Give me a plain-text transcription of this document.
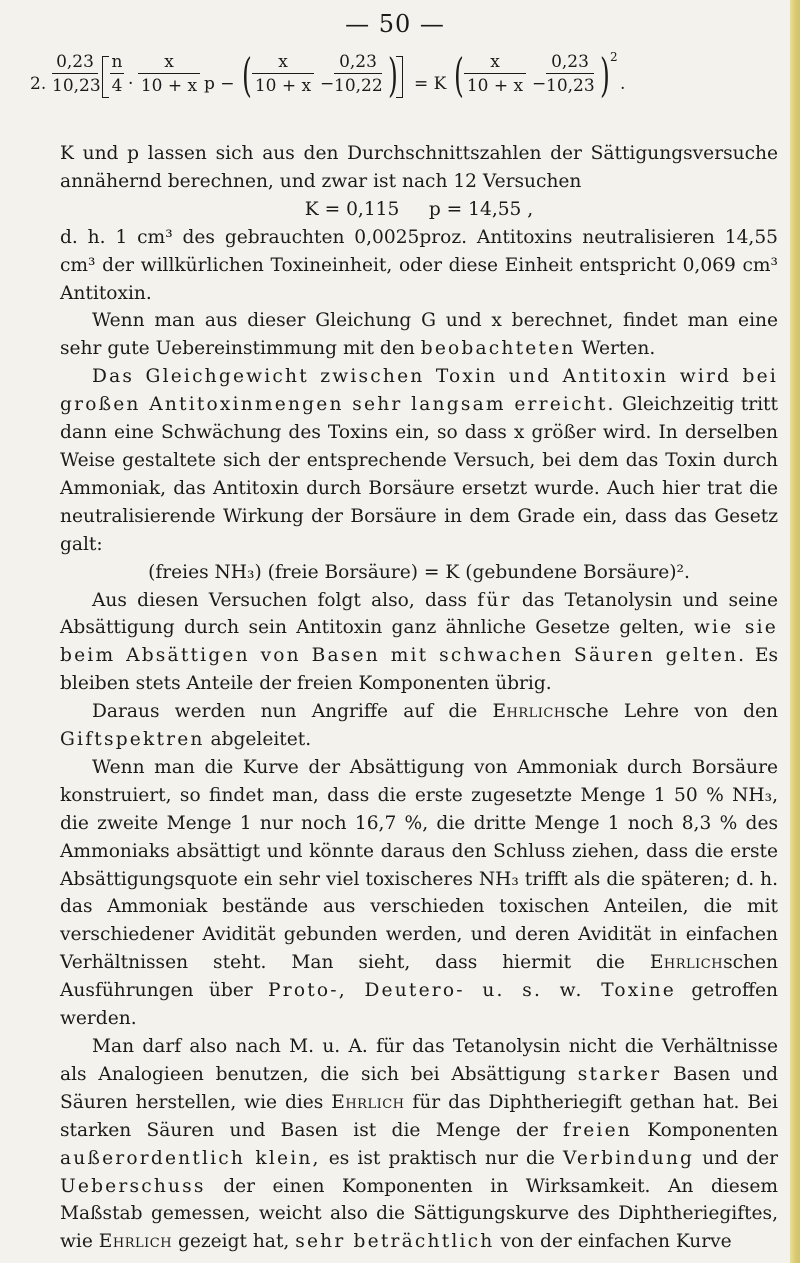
— 50 —
2.
0,23
10,23
n
4 ·
x
10 + x p − (	x
10 + x −
0,23
10,22 ) = K (	x
10 + x −
0,23
10,23 ) 2
.

K und p lassen sich aus den Durchschnittszahlen der Sättigungsversuche annähernd berechnen, und zwar ist nach 12 Versuchen

K = 0,115     p = 14,55 ,

d. h. 1 cm³ des gebrauchten 0,0025proz. Antitoxins neutralisieren 14,55 cm³ der willkürlichen Toxineinheit, oder diese Einheit entspricht 0,069 cm³ Antitoxin.

Wenn man aus dieser Gleichung G und x berechnet, findet man eine sehr gute Uebereinstimmung mit den beobachteten Werten.

Das Gleichgewicht zwischen Toxin und Antitoxin wird bei großen Antitoxinmengen sehr langsam erreicht. Gleichzeitig tritt dann eine Schwächung des Toxins ein, so dass x größer wird. In derselben Weise gestaltete sich der entsprechende Versuch, bei dem das Toxin durch Ammoniak, das Antitoxin durch Borsäure ersetzt wurde. Auch hier trat die neutralisierende Wirkung der Borsäure in dem Grade ein, dass das Gesetz galt:

(freies NH₃) (freie Borsäure) = K (gebundene Borsäure)².

Aus diesen Versuchen folgt also, dass für das Tetanolysin und seine Absättigung durch sein Antitoxin ganz ähnliche Gesetze gelten, wie sie beim Absättigen von Basen mit schwachen Säuren gelten. Es bleiben stets Anteile der freien Komponenten übrig.

Daraus werden nun Angriffe auf die Ehrlichsche Lehre von den Giftspektren abgeleitet.

Wenn man die Kurve der Absättigung von Ammoniak durch Borsäure konstruiert, so findet man, dass die erste zugesetzte Menge 1 50 % NH₃, die zweite Menge 1 nur noch 16,7 %, die dritte Menge 1 noch 8,3 % des Ammoniaks absättigt und könnte daraus den Schluss ziehen, dass die erste Absättigungsquote ein sehr viel toxischeres NH₃ trifft als die späteren; d. h. das Ammoniak bestände aus verschieden toxischen Anteilen, die mit verschiedener Avidität gebunden werden, und deren Avidität in einfachen Verhältnissen steht. Man sieht, dass hiermit die Ehrlichschen Ausführungen über Proto-, Deutero- u. s. w. Toxine getroffen werden.

Man darf also nach M. u. A. für das Tetanolysin nicht die Verhältnisse als Analogieen benutzen, die sich bei Absättigung starker Basen und Säuren herstellen, wie dies Ehrlich für das Diphtheriegift gethan hat. Bei starken Säuren und Basen ist die Menge der freien Komponenten außerordentlich klein, es ist praktisch nur die Verbindung und der Ueberschuss der einen Komponenten in Wirksamkeit. An diesem Maßstab gemessen, weicht also die Sättigungskurve des Diphtheriegiftes, wie Ehrlich gezeigt hat, sehr beträchtlich von der einfachen Kurve
